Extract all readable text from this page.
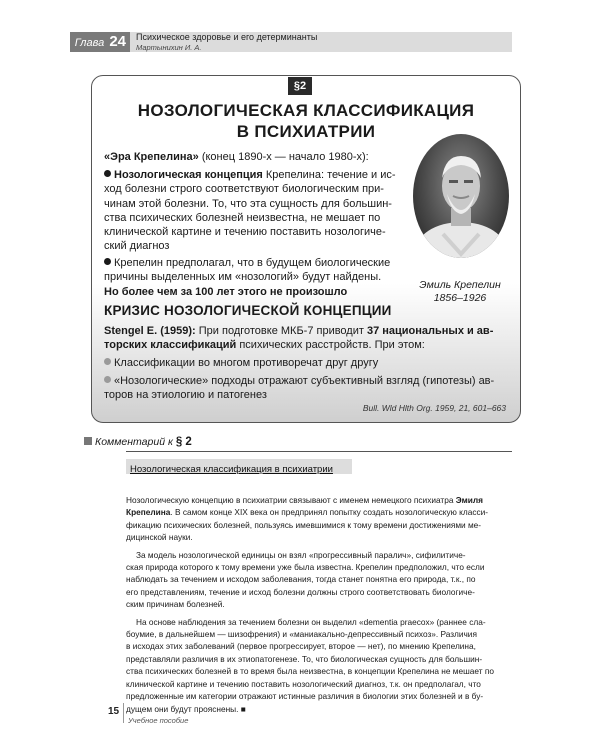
Глава 24	Психическое здоровье и его детерминанты
Мартынихин И. А.
§2
НОЗОЛОГИЧЕСКАЯ КЛАССИФИКАЦИЯ
В ПСИХИАТРИИ
«Эра Крепелина» (конец 1890-х — начало 1980-х):
Нозологическая концепция Крепелина: течение и ис-
ход болезни строго соответствуют биологическим при-
чинам этой болезни. То, что эта сущность для большин-
ства психических болезней неизвестна, не мешает по
клинической картине и течению поставить нозологиче-
ский диагноз
Крепелин предполагал, что в будущем биологические
причины выделенных им «нозологий» будут найдены.
Но более чем за 100 лет этого не произошло
Эмиль Крепелин
1856–1926
КРИЗИС НОЗОЛОГИЧЕСКОЙ КОНЦЕПЦИИ
Stengel E. (1959): При подготовке МКБ-7 приводит 37 национальных и ав-
торских классификаций психических расстройств. При этом:
Классификации во многом противоречат друг другу
«Нозологические» подходы отражают субъективный взгляд (гипотезы) ав-
торов на этиологию и патогенез
Bull. Wld Hlth Org. 1959, 21, 601–663
Комментарий к § 2
Нозологическая классификация в психиатрии

Нозологическую концепцию в психиатрии связывают с именем немецкого психиатра Эмиля
Крепелина. В самом конце XIX века он предпринял попытку создать нозологическую класси-
фикацию психических болезней, пользуясь имевшимися к тому времени достижениями ме-
дицинской науки.

За модель нозологической единицы он взял «прогрессивный паралич», сифилитиче-
ская природа которого к тому времени уже была известна. Крепелин предположил, что если
наблюдать за течением и исходом заболевания, тогда станет понятна его природа, т.к., по
его представлениям, течение и исход болезни должны строго соответствовать биологиче-
ским причинам болезней.

На основе наблюдения за течением болезни он выделил «dementia praecox» (раннее сла-
боумие, в дальнейшем — шизофрения) и «маниакально-депрессивный психоз». Различия
в исходах этих заболеваний (первое прогрессирует, второе — нет), по мнению Крепелина,
представляли различия в их этиопатогенезе. То, что биологическая сущность для большин-
ства психических болезней в то время была неизвестна, в концепции Крепелина не мешает по
клинической картине и течению поставить нозологический диагноз, т.к. он предполагал, что
предложенные им категории отражают истинные различия в биологии этих болезней и в бу-
дущем они будут прояснены. ■

15
Учебное пособие
